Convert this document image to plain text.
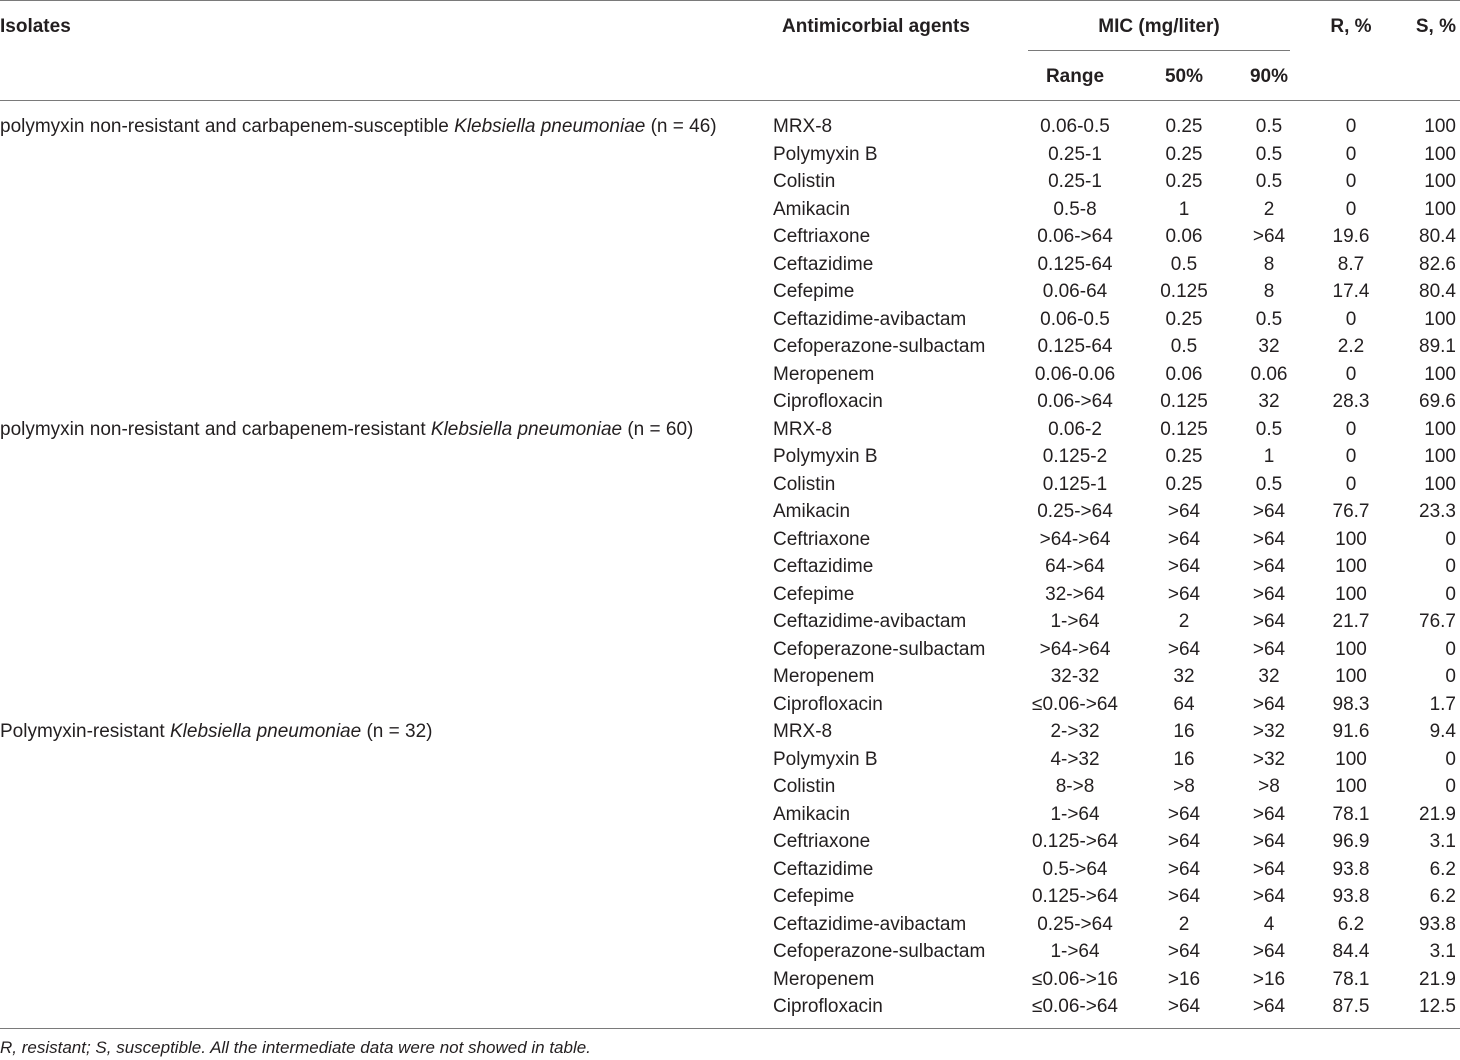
Isolates	Antimicorbial agents	MIC (mg/liter)	R, %	S, %
Range	50%	90%
polymyxin non-resistant and carbapenem-susceptible Klebsiella pneumoniae (n = 46)	MRX-8	0.06-0.5	0.25	0.5	0	100
Polymyxin B	0.25-1	0.25	0.5	0	100
Colistin	0.25-1	0.25	0.5	0	100
Amikacin	0.5-8	1	2	0	100
Ceftriaxone	0.06->64	0.06	>64	19.6	80.4
Ceftazidime	0.125-64	0.5	8	8.7	82.6
Cefepime	0.06-64	0.125	8	17.4	80.4
Ceftazidime-avibactam	0.06-0.5	0.25	0.5	0	100
Cefoperazone-sulbactam	0.125-64	0.5	32	2.2	89.1
Meropenem	0.06-0.06	0.06	0.06	0	100
Ciprofloxacin	0.06->64	0.125	32	28.3	69.6
polymyxin non-resistant and carbapenem-resistant Klebsiella pneumoniae (n = 60)	MRX-8	0.06-2	0.125	0.5	0	100
Polymyxin B	0.125-2	0.25	1	0	100
Colistin	0.125-1	0.25	0.5	0	100
Amikacin	0.25->64	>64	>64	76.7	23.3
Ceftriaxone	>64->64	>64	>64	100	0
Ceftazidime	64->64	>64	>64	100	0
Cefepime	32->64	>64	>64	100	0
Ceftazidime-avibactam	1->64	2	>64	21.7	76.7
Cefoperazone-sulbactam	>64->64	>64	>64	100	0
Meropenem	32-32	32	32	100	0
Ciprofloxacin	≤0.06->64	64	>64	98.3	1.7
Polymyxin-resistant Klebsiella pneumoniae (n = 32)	MRX-8	2->32	16	>32	91.6	9.4
Polymyxin B	4->32	16	>32	100	0
Colistin	8->8	>8	>8	100	0
Amikacin	1->64	>64	>64	78.1	21.9
Ceftriaxone	0.125->64	>64	>64	96.9	3.1
Ceftazidime	0.5->64	>64	>64	93.8	6.2
Cefepime	0.125->64	>64	>64	93.8	6.2
Ceftazidime-avibactam	0.25->64	2	4	6.2	93.8
Cefoperazone-sulbactam	1->64	>64	>64	84.4	3.1
Meropenem	≤0.06->16	>16	>16	78.1	21.9
Ciprofloxacin	≤0.06->64	>64	>64	87.5	12.5
R, resistant; S, susceptible. All the intermediate data were not showed in table.
